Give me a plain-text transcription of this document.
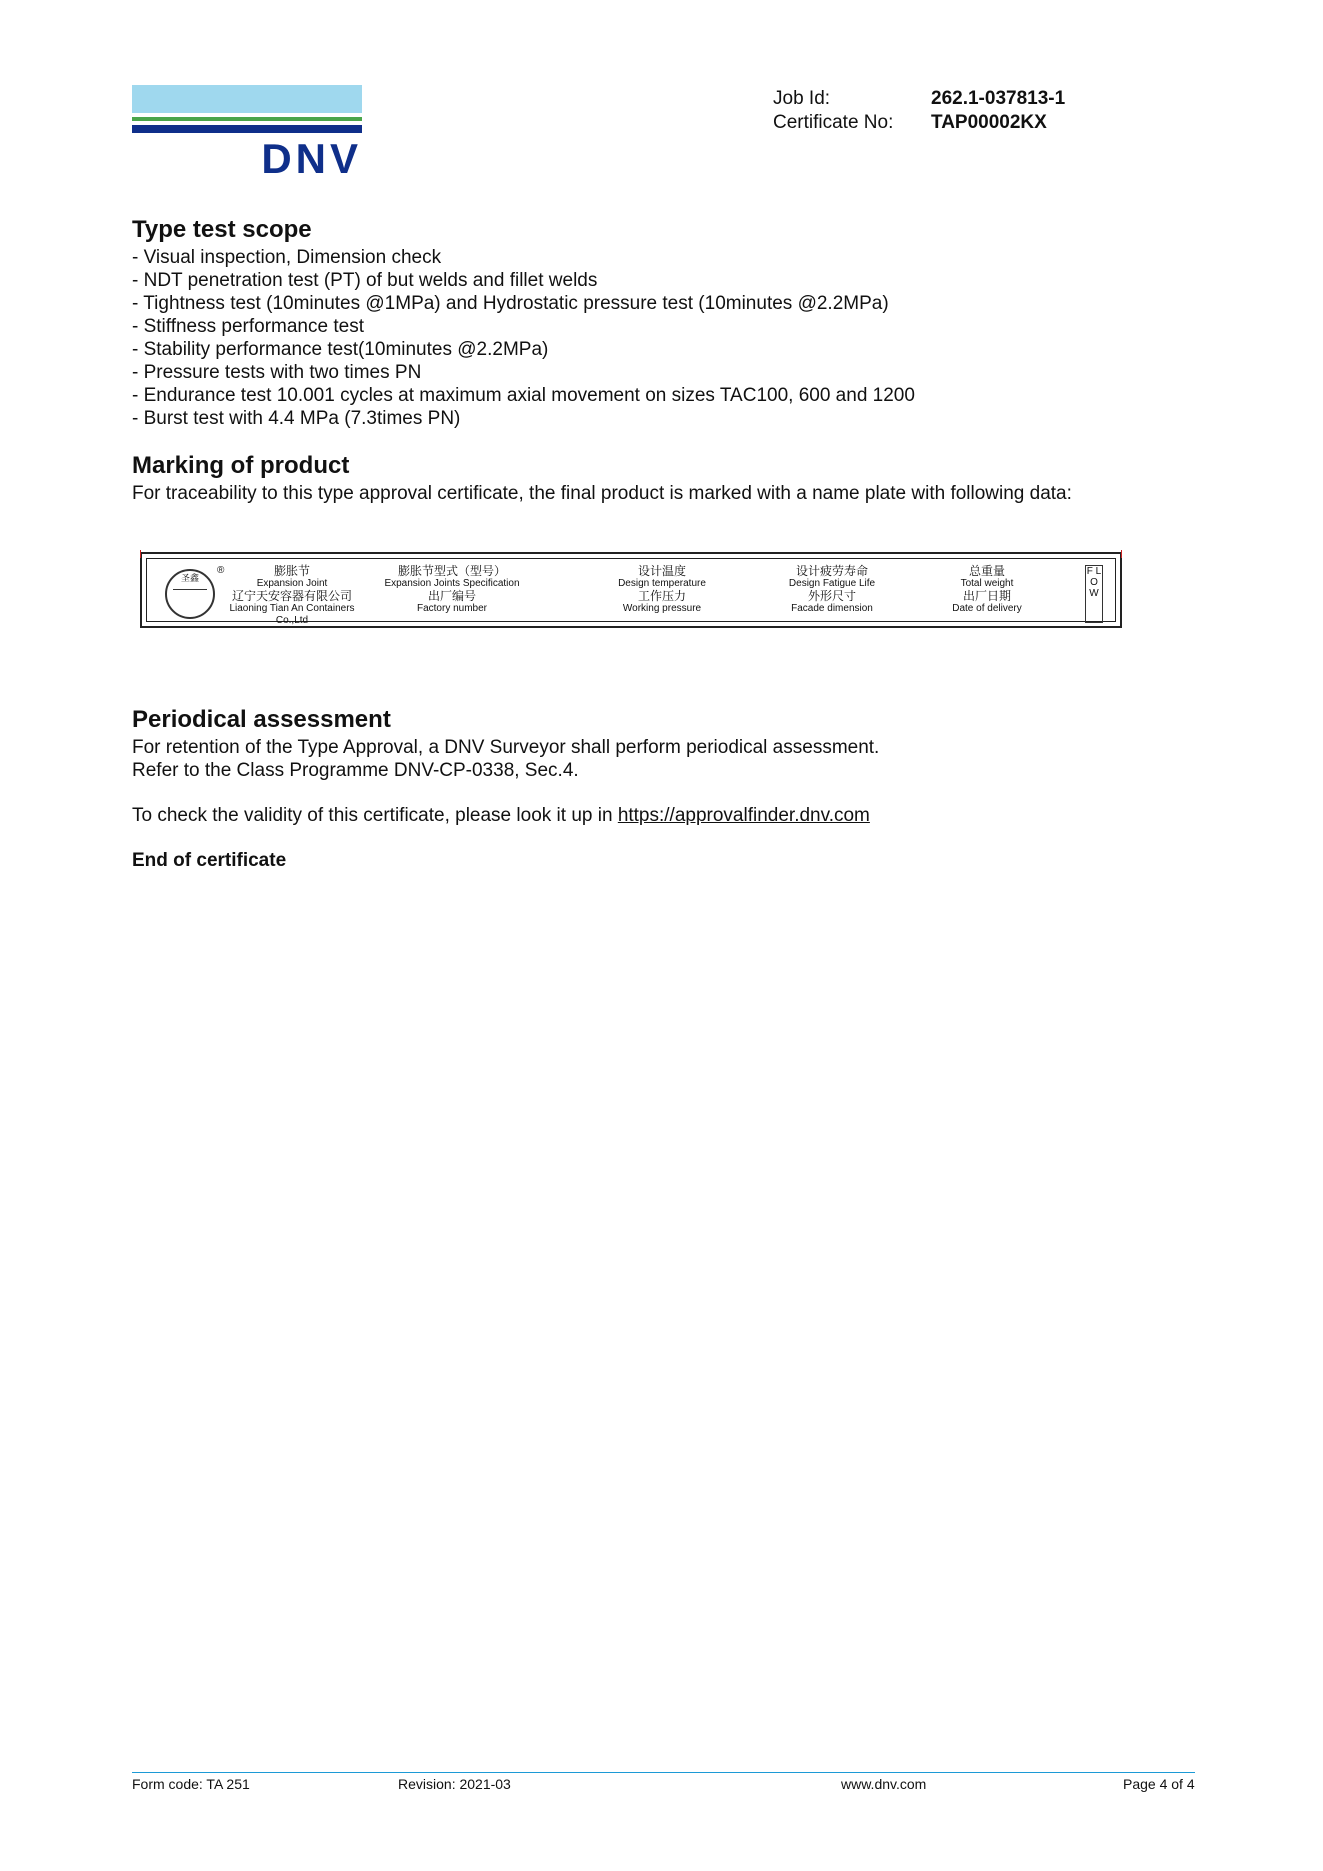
DNV
Job Id:	262.1-037813-1
Certificate No:	TAP00002KX
Type test scope
- Visual inspection, Dimension check
- NDT penetration test (PT) of but welds and fillet welds
- Tightness test (10minutes @1MPa) and Hydrostatic pressure test (10minutes @2.2MPa)
- Stiffness performance test
- Stability performance test(10minutes @2.2MPa)
- Pressure tests with two times PN
- Endurance test 10.001 cycles at maximum axial movement on sizes TAC100, 600 and 1200
- Burst test with 4.4 MPa (7.3times PN)
Marking of product
For traceability to this type approval certificate, the final product is marked with a name plate with following data:
圣鑫
®	膨胀节
Expansion Joint
辽宁天安容器有限公司
Liaoning Tian An Containers Co.,Ltd
膨胀节型式（型号）
Expansion Joints Specification
出厂编号
Factory number
设计温度
Design temperature
工作压力
Working pressure
设计疲劳寿命
Design Fatigue Life
外形尺寸
Facade dimension
总重量
Total weight
出厂日期
Date of delivery
F L O W
Periodical assessment

For retention of the Type Approval, a DNV Surveyor shall perform periodical assessment.

Refer to the Class Programme DNV-CP-0338, Sec.4.

To check the validity of this certificate, please look it up in https://approvalfinder.dnv.com

End of certificate
Form code: TA 251	Revision: 2021-03	www.dnv.com	Page 4 of 4
